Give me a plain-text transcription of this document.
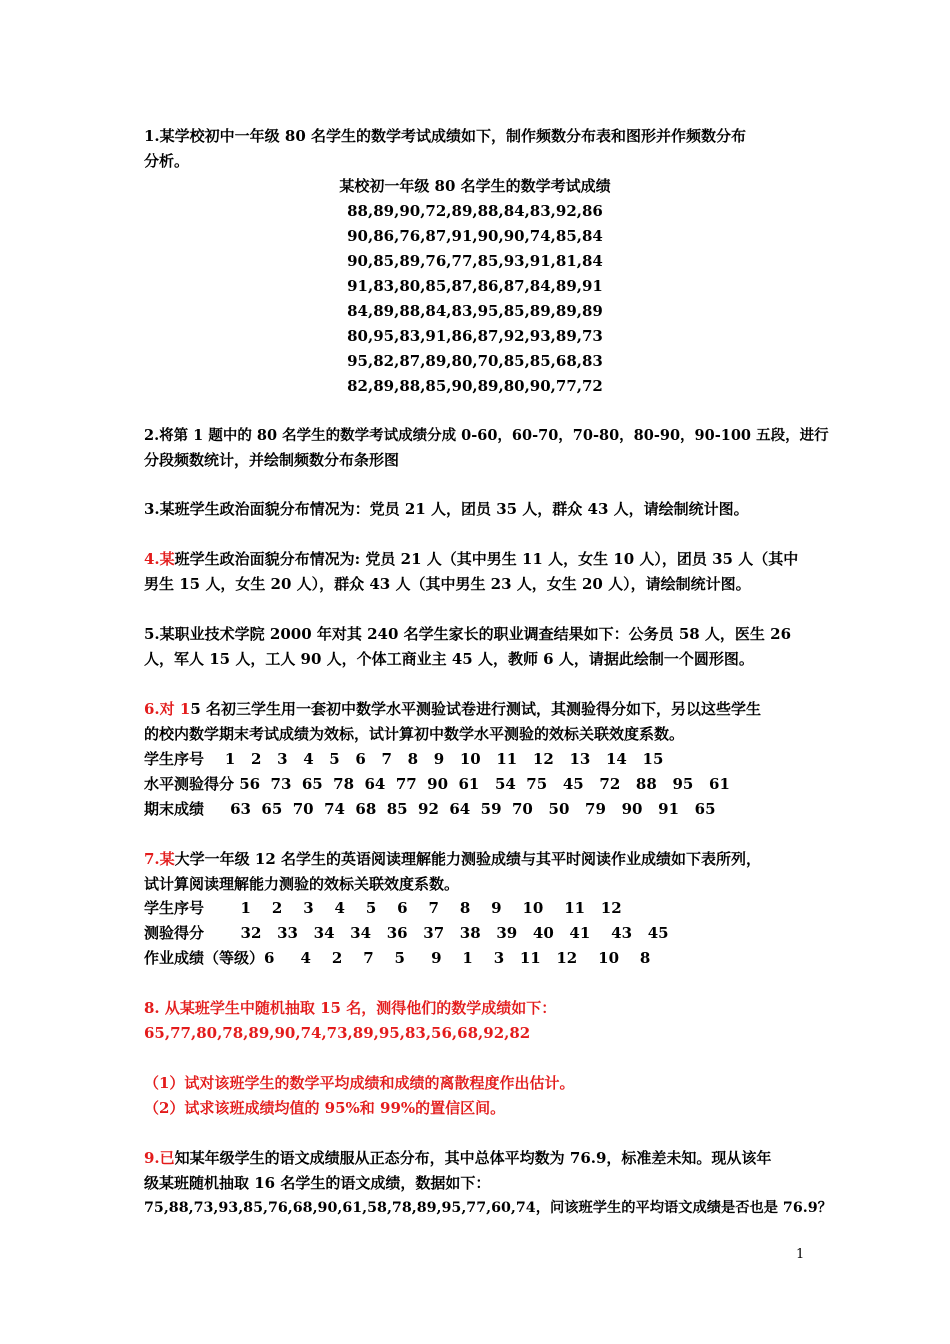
1.某学校初中一年级 80 名学生的数学考试成绩如下，制作频数分布表和图形并作频数分布
分析。
某校初一年级 80 名学生的数学考试成绩
88,89,90,72,89,88,84,83,92,86
90,86,76,87,91,90,90,74,85,84
90,85,89,76,77,85,93,91,81,84
91,83,80,85,87,86,87,84,89,91
84,89,88,84,83,95,85,89,89,89
80,95,83,91,86,87,92,93,89,73
95,82,87,89,80,70,85,85,68,83
82,89,88,85,90,89,80,90,77,72
2.将第 1 题中的 80 名学生的数学考试成绩分成 0-60，60-70，70-80，80-90，90-100 五段，进行
分段频数统计，并绘制频数分布条形图
3.某班学生政治面貌分布情况为：党员 21 人，团员 35 人，群众 43 人，请绘制统计图。
4.某班学生政治面貌分布情况为: 党员 21 人（其中男生 11 人，女生 10 人），团员 35 人（其中
男生 15 人，女生 20 人），群众 43 人（其中男生 23 人，女生 20 人），请绘制统计图。
5.某职业技术学院 2000 年对其 240 名学生家长的职业调查结果如下：公务员 58 人，医生 26
人，军人 15 人，工人 90 人，个体工商业主 45 人，教师 6 人，请据此绘制一个圆形图。
6.对 15 名初三学生用一套初中数学水平测验试卷进行测试，其测验得分如下，另以这些学生
的校内数学期末考试成绩为效标，试计算初中数学水平测验的效标关联效度系数。
学生序号    1   2   3   4   5   6   7   8   9   10   11   12   13   14   15
水平测验得分 56  73  65  78  64  77  90  61   54  75   45   72   88   95   61
期末成绩     63  65  70  74  68  85  92  64  59  70   50   79   90   91   65
7.某大学一年级 12 名学生的英语阅读理解能力测验成绩与其平时阅读作业成绩如下表所列，
试计算阅读理解能力测验的效标关联效度系数。
学生序号       1    2    3    4    5    6    7    8    9    10    11   12
测验得分       32   33   34   34   36   37   38   39   40   41    43   45
作业成绩（等级）6     4    2    7    5     9    1    3   11   12    10    8
8. 从某班学生中随机抽取 15 名，测得他们的数学成绩如下：
65,77,80,78,89,90,74,73,89,95,83,56,68,92,82
（1）试对该班学生的数学平均成绩和成绩的离散程度作出估计。
（2）试求该班成绩均值的 95%和 99%的置信区间。
9.已知某年级学生的语文成绩服从正态分布，其中总体平均数为 76.9，标准差未知。现从该年
级某班随机抽取 16 名学生的语文成绩，数据如下：
75,88,73,93,85,76,68,90,61,58,78,89,95,77,60,74，问该班学生的平均语文成绩是否也是 76.9？
1
